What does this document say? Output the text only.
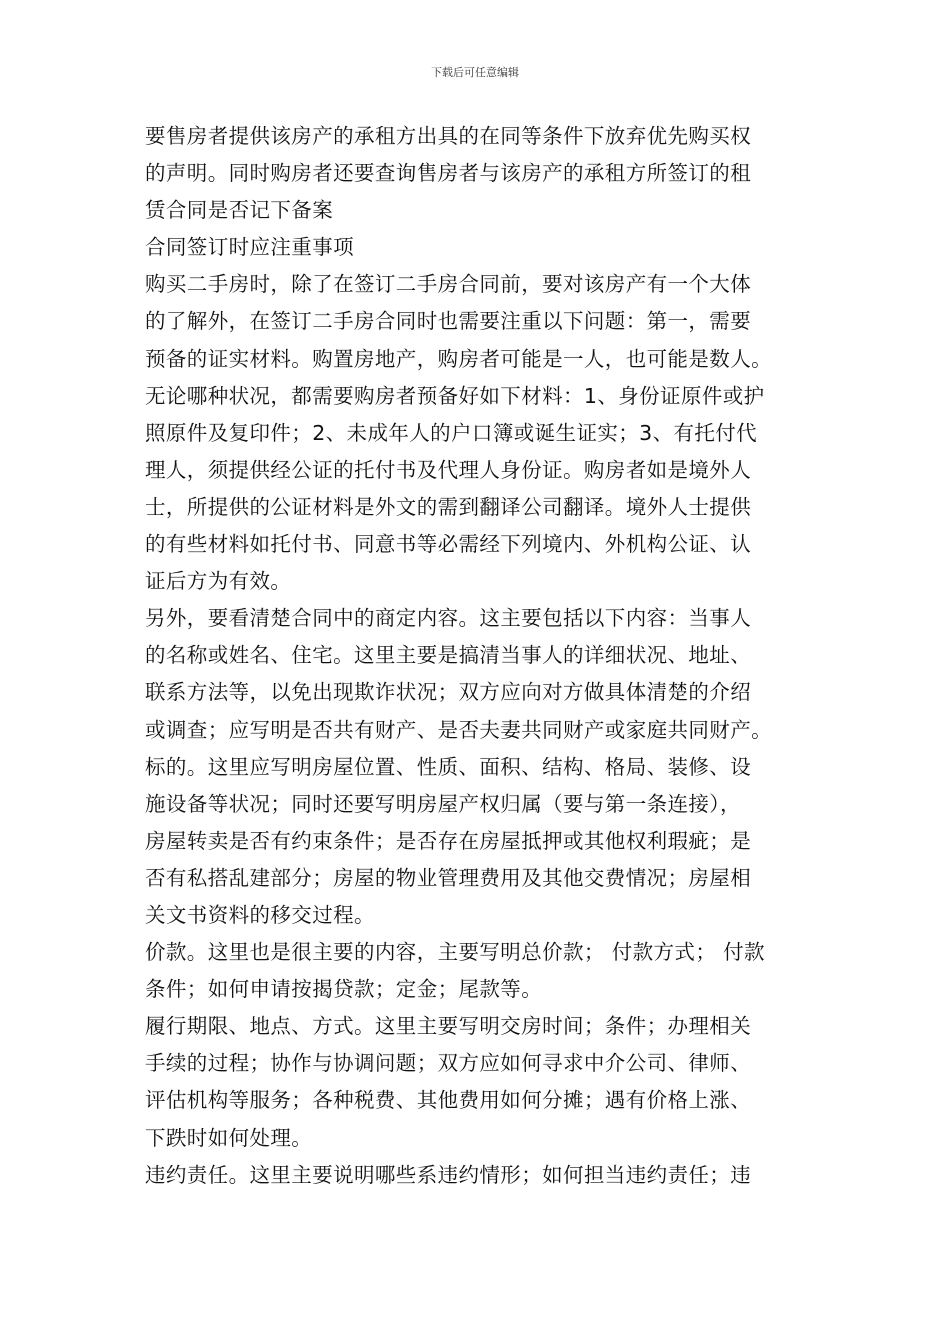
下载后可任意编辑
要售房者提供该房产的承租方出具的在同等条件下放弃优先购买权
的声明。同时购房者还要查询售房者与该房产的承租方所签订的租
赁合同是否记下备案
合同签订时应注重事项
购买二手房时，除了在签订二手房合同前，要对该房产有一个大体
的了解外，在签订二手房合同时也需要注重以下问题：第一，需要
预备的证实材料。购置房地产，购房者可能是一人，也可能是数人。
无论哪种状况，都需要购房者预备好如下材料：1、身份证原件或护
照原件及复印件；2、未成年人的户口簿或诞生证实；3、有托付代
理人，须提供经公证的托付书及代理人身份证。购房者如是境外人
士，所提供的公证材料是外文的需到翻译公司翻译。境外人士提供
的有些材料如托付书、同意书等必需经下列境内、外机构公证、认
证后方为有效。
另外，要看清楚合同中的商定内容。这主要包括以下内容：当事人
的名称或姓名、住宅。这里主要是搞清当事人的详细状况、地址、
联系方法等，以免出现欺诈状况；双方应向对方做具体清楚的介绍
或调查；应写明是否共有财产、是否夫妻共同财产或家庭共同财产。
标的。这里应写明房屋位置、性质、面积、结构、格局、装修、设
施设备等状况；同时还要写明房屋产权归属（要与第一条连接），
房屋转卖是否有约束条件；是否存在房屋抵押或其他权利瑕疵；是
否有私搭乱建部分；房屋的物业管理费用及其他交费情况；房屋相
关文书资料的移交过程。
价款。这里也是很主要的内容，主要写明总价款； 付款方式； 付款
条件；如何申请按揭贷款；定金；尾款等。
履行期限、地点、方式。这里主要写明交房时间；条件；办理相关
手续的过程；协作与协调问题；双方应如何寻求中介公司、律师、
评估机构等服务；各种税费、其他费用如何分摊；遇有价格上涨、
下跌时如何处理。
违约责任。这里主要说明哪些系违约情形；如何担当违约责任；违
